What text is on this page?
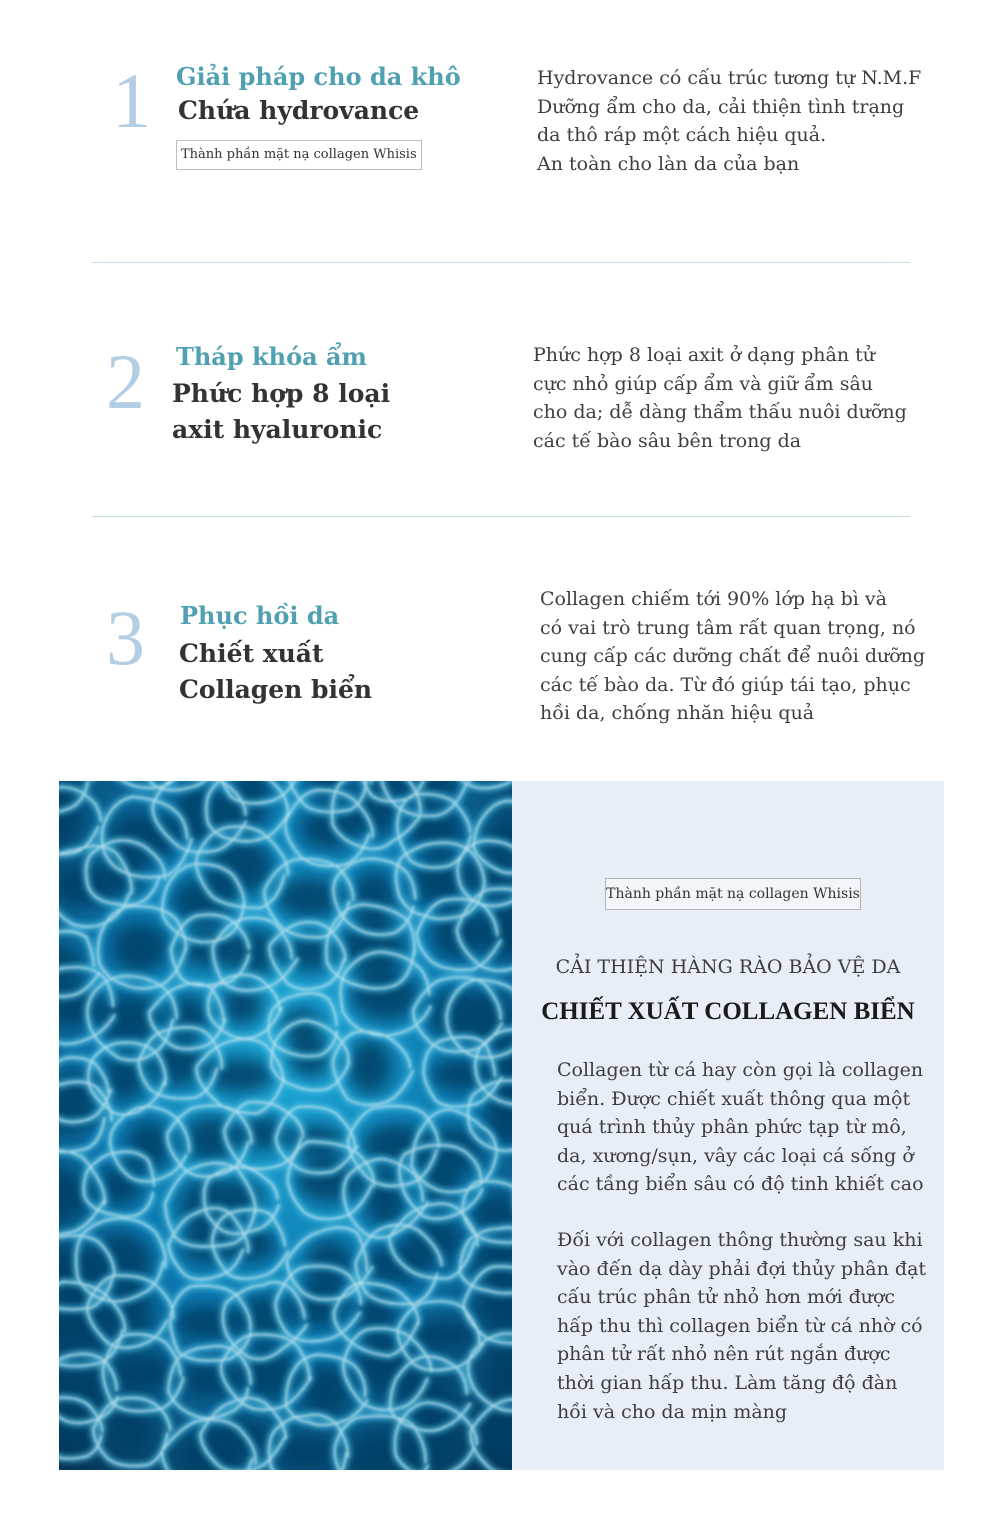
1 Giải pháp cho da khô
Chứa hydrovance
Thành phần mặt nạ collagen Whisis
Hydrovance có cấu trúc tương tự N.M.F
Dưỡng ẩm cho da, cải thiện tình trạng
da thô ráp một cách hiệu quả.
An toàn cho làn da của bạn
2 Tháp khóa ẩm
Phức hợp 8 loại
axit hyaluronic
Phức hợp 8 loại axit ở dạng phân tử
cực nhỏ giúp cấp ẩm và giữ ẩm sâu
cho da; dễ dàng thẩm thấu nuôi dưỡng
các tế bào sâu bên trong da
3 Phục hồi da
Chiết xuất
Collagen biển
Collagen chiếm tới 90% lớp hạ bì và
có vai trò trung tâm rất quan trọng, nó
cung cấp các dưỡng chất để nuôi dưỡng
các tế bào da. Từ đó giúp tái tạo, phục
hồi da, chống nhăn hiệu quả
Thành phần mặt nạ collagen Whisis
CẢI THIỆN HÀNG RÀO BẢO VỆ DA
CHIẾT XUẤT COLLAGEN BIỂN
Collagen từ cá hay còn gọi là collagen
biển. Được chiết xuất thông qua một
quá trình thủy phân phức tạp từ mô,
da, xương/sụn, vây các loại cá sống ở
các tầng biển sâu có độ tinh khiết cao
Đối với collagen thông thường sau khi
vào đến dạ dày phải đợi thủy phân đạt
cấu trúc phân tử nhỏ hơn mới được
hấp thu thì collagen biển từ cá nhờ có
phân tử rất nhỏ nên rút ngắn được
thời gian hấp thu. Làm tăng độ đàn
hồi và cho da mịn màng
